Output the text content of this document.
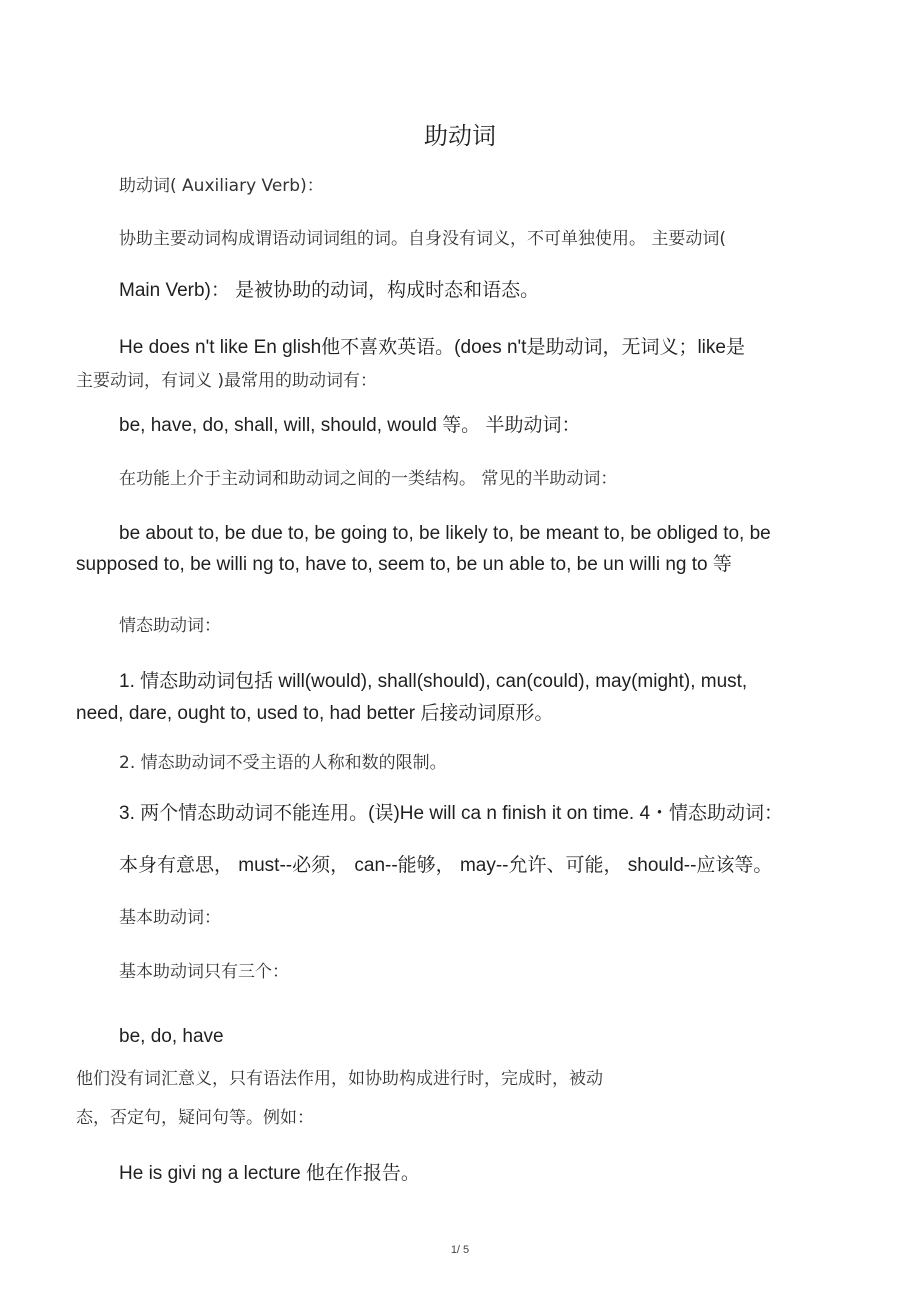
助动词
助动词( Auxiliary Verb)：
协助主要动词构成谓语动词词组的词。自身没有词义，不可单独使用。 主要动词(
Main Verb)： 是被协助的动词，构成时态和语态。
He does n't like En glish他不喜欢英语。(does n't是助动词，无词义；like是
主要动词，有词义 )最常用的助动词有：
be, have, do, shall, will, should, would 等。 半助动词：
在功能上介于主动词和助动词之间的一类结构。 常见的半助动词：
be about to, be due to, be going to, be likely to, be meant to, be obliged to, be
supposed to, be willi ng to, have to, seem to, be un able to, be un willi ng to 等
情态助动词：
1. 情态助动词包括 will(would), shall(should), can(could), may(might), must,
need, dare, ought to, used to, had better 后接动词原形。
2. 情态助动词不受主语的人称和数的限制。
3. 两个情态助动词不能连用。(误)He will ca n finish it on time. 4・情态助动词：
本身有意思， must--必须， can--能够， may--允许、可能， should--应该等。
基本助动词：
基本助动词只有三个：
be, do, have
他们没有词汇意义，只有语法作用，如协助构成进行时，完成时，被动
态，否定句，疑问句等。例如：
He is givi ng a lecture 他在作报告。
1/ 5
